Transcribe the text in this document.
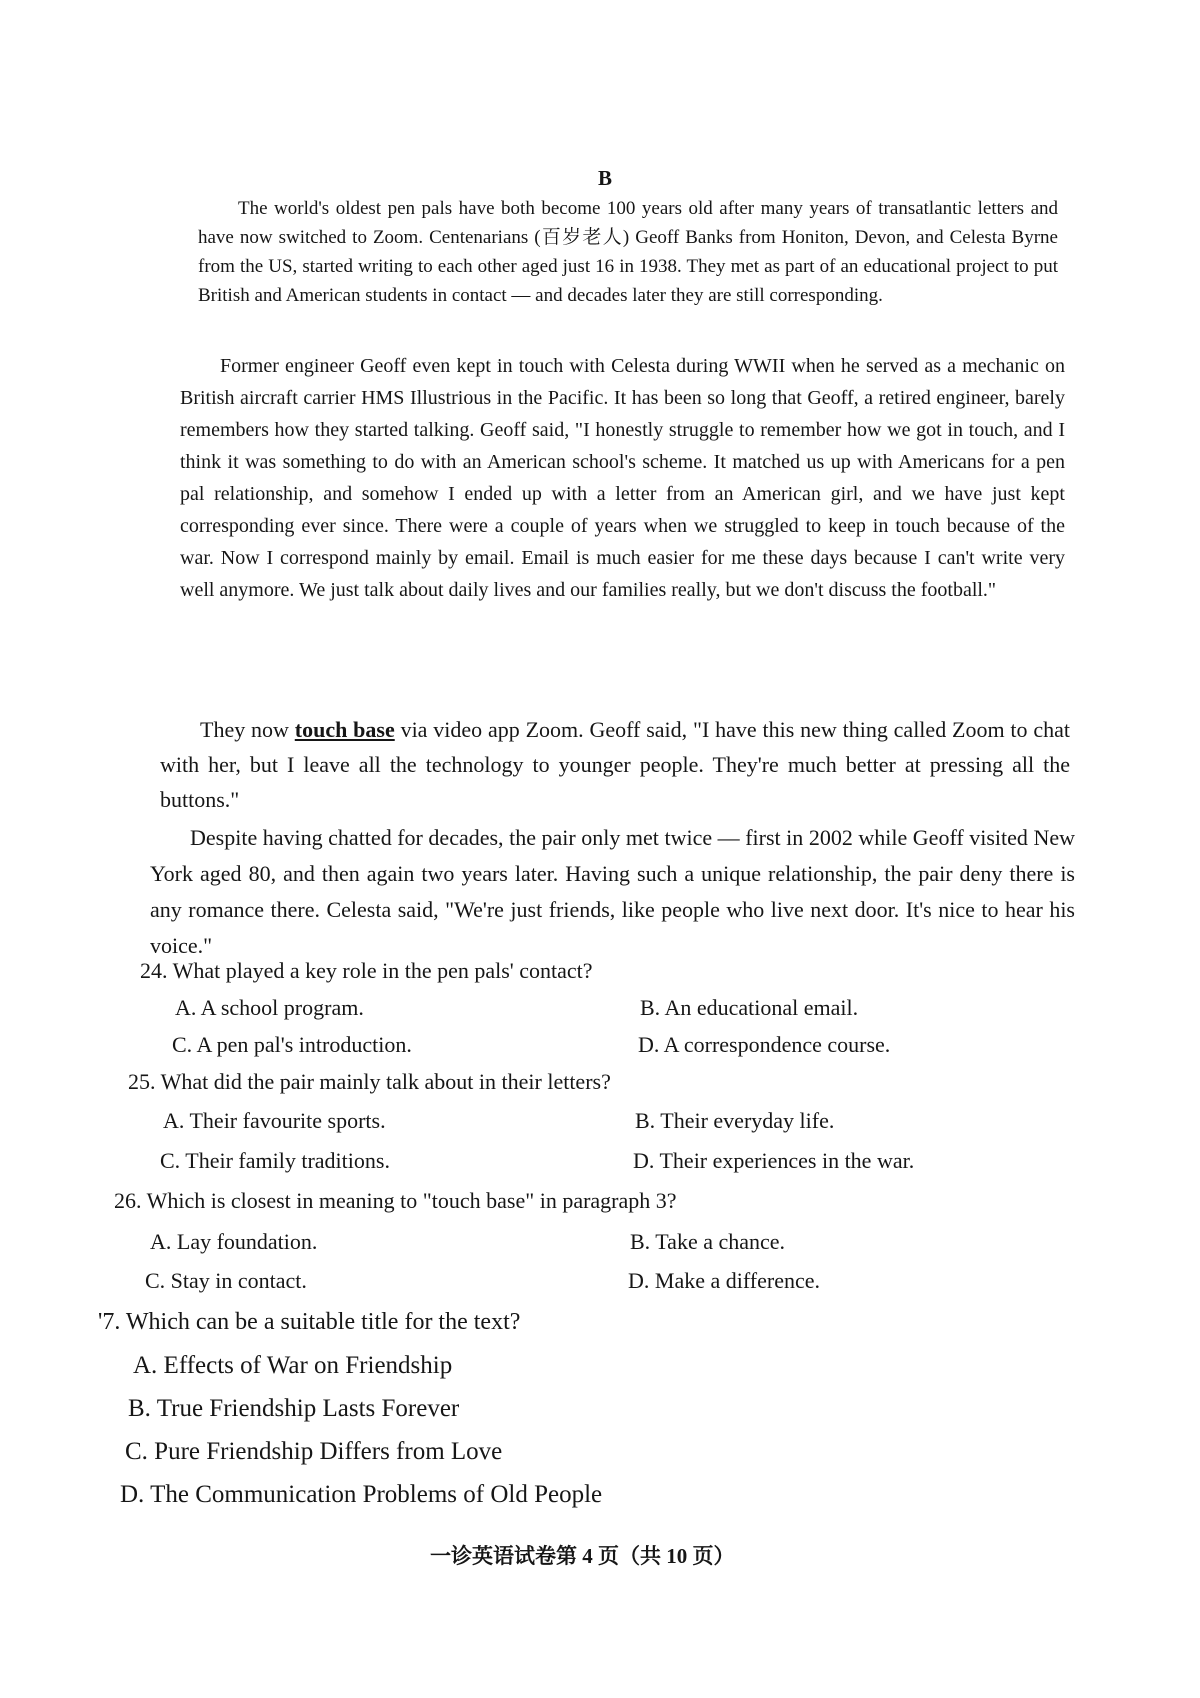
B

The world's oldest pen pals have both become 100 years old after many years of transatlantic letters and have now switched to Zoom. Centenarians (百岁老人) Geoff Banks from Honiton, Devon, and Celesta Byrne from the US, started writing to each other aged just 16 in 1938. They met as part of an educational project to put British and American students in contact — and decades later they are still corresponding.

Former engineer Geoff even kept in touch with Celesta during WWII when he served as a mechanic on British aircraft carrier HMS Illustrious in the Pacific. It has been so long that Geoff, a retired engineer, barely remembers how they started talking. Geoff said, "I honestly struggle to remember how we got in touch, and I think it was something to do with an American school's scheme. It matched us up with Americans for a pen pal relationship, and somehow I ended up with a letter from an American girl, and we have just kept corresponding ever since. There were a couple of years when we struggled to keep in touch because of the war. Now I correspond mainly by email. Email is much easier for me these days because I can't write very well anymore. We just talk about daily lives and our families really, but we don't discuss the football."

They now touch base via video app Zoom. Geoff said, "I have this new thing called Zoom to chat with her, but I leave all the technology to younger people. They're much better at pressing all the buttons."

Despite having chatted for decades, the pair only met twice — first in 2002 while Geoff visited New York aged 80, and then again two years later. Having such a unique relationship, the pair deny there is any romance there. Celesta said, "We're just friends, like people who live next door. It's nice to hear his voice."

24. What played a key role in the pen pals' contact?
A. A school program.	B. An educational email.
C. A pen pal's introduction.	D. A correspondence course.
25. What did the pair mainly talk about in their letters?
A. Their favourite sports.	B. Their everyday life.
C. Their family traditions.	D. Their experiences in the war.
26. Which is closest in meaning to "touch base" in paragraph 3?
A. Lay foundation.	B. Take a chance.
C. Stay in contact.	D. Make a difference.
'7. Which can be a suitable title for the text?
A. Effects of War on Friendship
B. True Friendship Lasts Forever
C. Pure Friendship Differs from Love
D. The Communication Problems of Old People
一诊英语试卷第 4 页（共 10 页）
